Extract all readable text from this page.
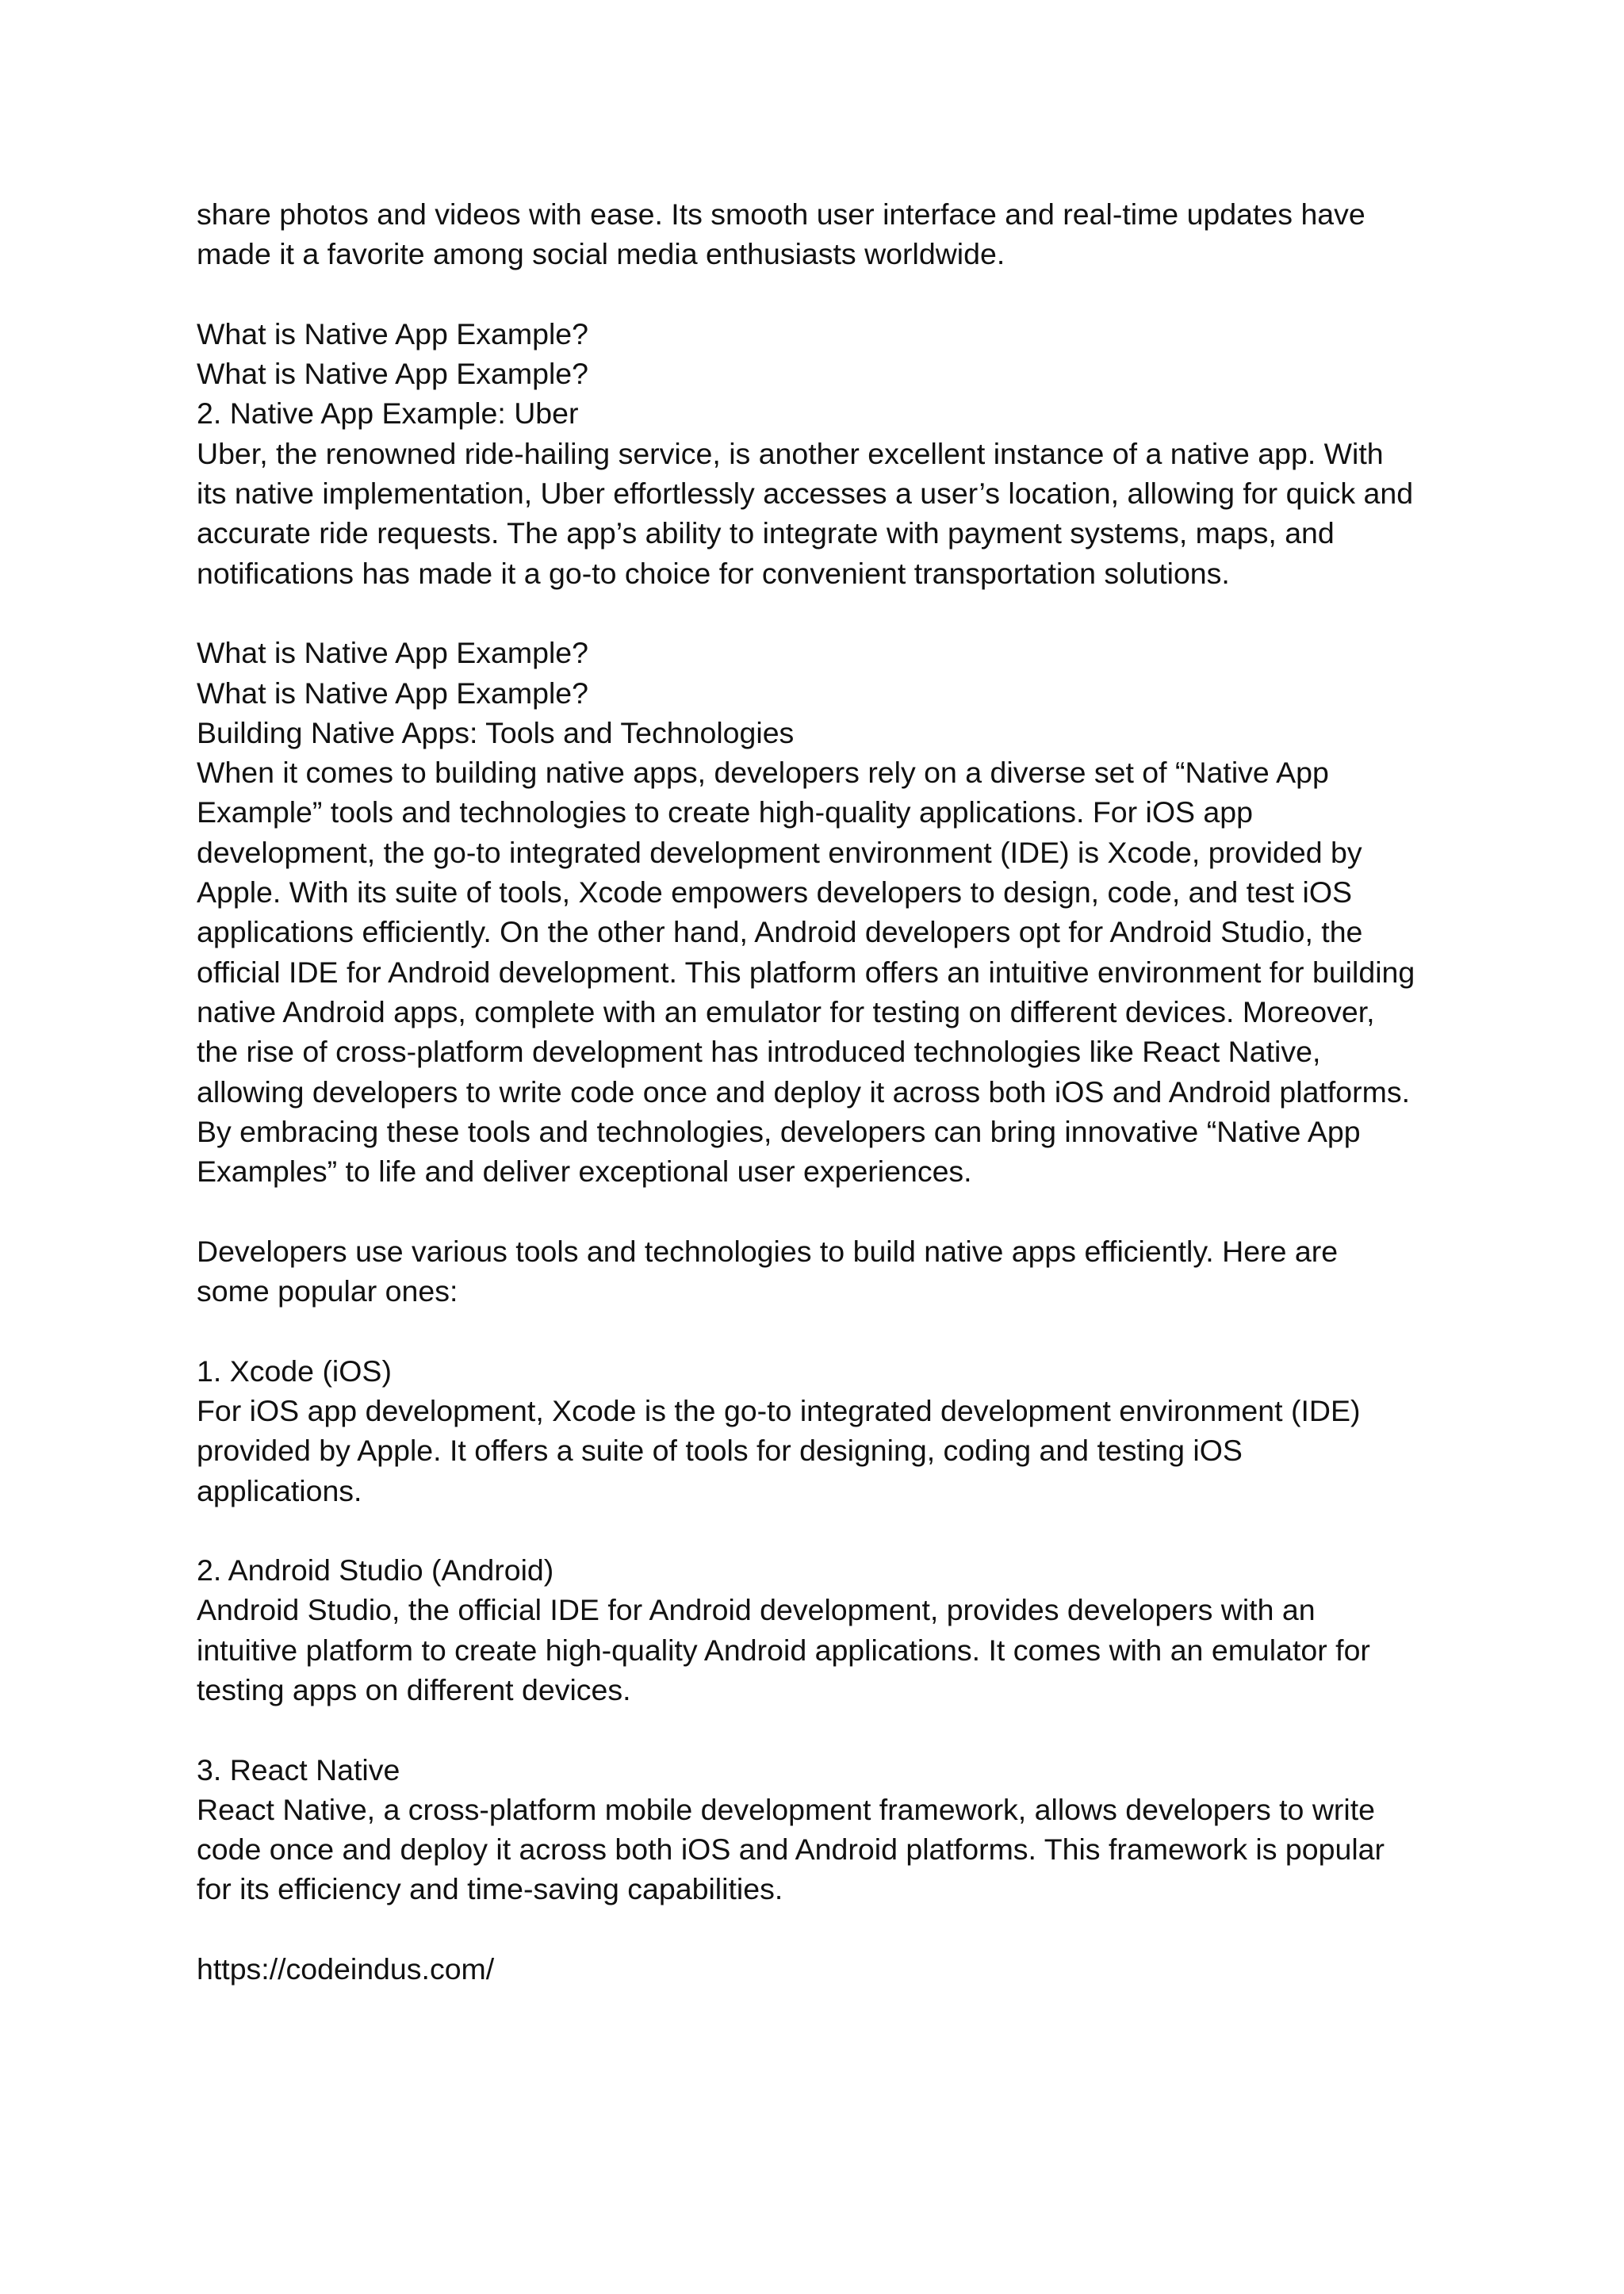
share photos and videos with ease. Its smooth user interface and real-time updates have
made it a favorite among social media enthusiasts worldwide.
What is Native App Example?
What is Native App Example?
2. Native App Example: Uber
Uber, the renowned ride-hailing service, is another excellent instance of a native app. With
its native implementation, Uber effortlessly accesses a user’s location, allowing for quick and
accurate ride requests. The app’s ability to integrate with payment systems, maps, and
notifications has made it a go-to choice for convenient transportation solutions.
What is Native App Example?
What is Native App Example?
Building Native Apps: Tools and Technologies
When it comes to building native apps, developers rely on a diverse set of “Native App
Example” tools and technologies to create high-quality applications. For iOS app
development, the go-to integrated development environment (IDE) is Xcode, provided by
Apple. With its suite of tools, Xcode empowers developers to design, code, and test iOS
applications efficiently. On the other hand, Android developers opt for Android Studio, the
official IDE for Android development. This platform offers an intuitive environment for building
native Android apps, complete with an emulator for testing on different devices. Moreover,
the rise of cross-platform development has introduced technologies like React Native,
allowing developers to write code once and deploy it across both iOS and Android platforms.
By embracing these tools and technologies, developers can bring innovative “Native App
Examples” to life and deliver exceptional user experiences.
Developers use various tools and technologies to build native apps efficiently. Here are
some popular ones:
1. Xcode (iOS)
For iOS app development, Xcode is the go-to integrated development environment (IDE)
provided by Apple. It offers a suite of tools for designing, coding and testing iOS
applications.
2. Android Studio (Android)
Android Studio, the official IDE for Android development, provides developers with an
intuitive platform to create high-quality Android applications. It comes with an emulator for
testing apps on different devices.
3. React Native
React Native, a cross-platform mobile development framework, allows developers to write
code once and deploy it across both iOS and Android platforms. This framework is popular
for its efficiency and time-saving capabilities.
https://codeindus.com/
